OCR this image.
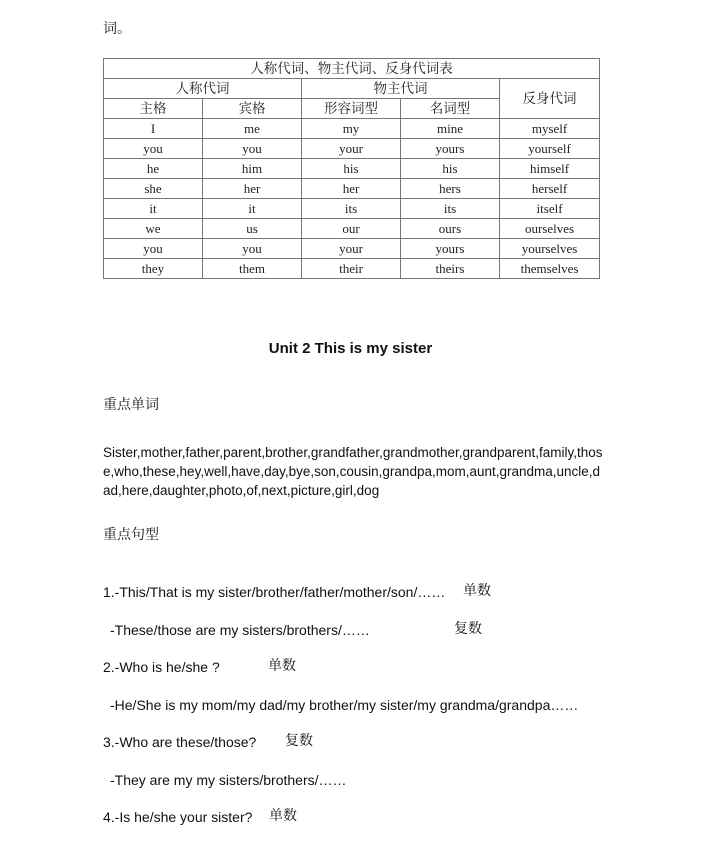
词。
人称代词、物主代词、反身代词表				
人称代词		物主代词		反身代词
主格	宾格	形容词型	名词型	
I	me	my	mine	myself
you	you	your	yours	yourself
he	him	his	his	himself
she	her	her	hers	herself
it	it	its	its	itself
we	us	our	ours	ourselves
you	you	your	yours	yourselves
they	them	their	theirs	themselves
Unit 2 This is my sister
重点单词
Sister,mother,father,parent,brother,grandfather,grandmother,grandparent,family,those,who,these,hey,well,have,day,bye,son,cousin,grandpa,mom,aunt,grandma,uncle,dad,here,daughter,photo,of,next,picture,girl,dog
重点句型
1.-This/That is my sister/brother/father/mother/son/…… 单数
-These/those are my sisters/brothers/……	复数
2.-Who is he/she ?	单数
-He/She is my mom/my dad/my brother/my sister/my grandma/grandpa……
3.-Who are these/those? 复数
-They are my my sisters/brothers/……
4.-Is he/she your sister? 单数
